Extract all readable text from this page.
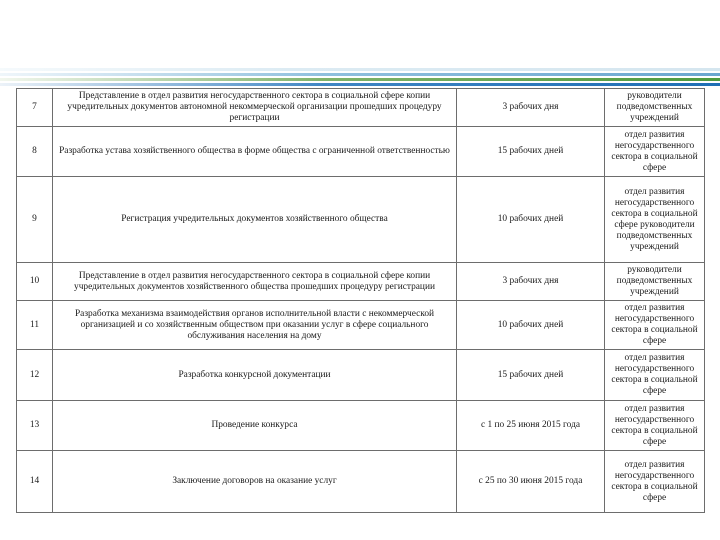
7	Представление в отдел развития негосударственного сектора в социальной сфере копии учредительных документов автономной некоммерческой организации прошедших процедуру регистрации	3 рабочих дня	руководители подведомственных учреждений
8	Разработка устава хозяйственного общества в форме общества с ограниченной ответственностью	15 рабочих дней	отдел развития негосударственного сектора в социальной сфере
9	Регистрация учредительных документов хозяйственного общества	10 рабочих дней	отдел развития негосударственного сектора в социальной сфере руководители подведомственных учреждений
10	Представление в отдел развития негосударственного сектора в социальной сфере копии учредительных документов хозяйственного общества прошедших процедуру регистрации	3 рабочих дня	руководители подведомственных учреждений
11	Разработка механизма взаимодействия органов исполнительной власти с некоммерческой организацией и со хозяйственным обществом при оказании услуг в сфере социального обслуживания населения на дому	10 рабочих дней	отдел развития негосударственного сектора в социальной сфере
12	Разработка конкурсной документации	15 рабочих дней	отдел развития негосударственного сектора в социальной сфере
13	Проведение конкурса	с 1 по 25 июня 2015 года	отдел развития негосударственного сектора в социальной сфере
14	Заключение договоров на оказание услуг	с 25 по 30 июня 2015 года	отдел развития негосударственного сектора в социальной сфере
